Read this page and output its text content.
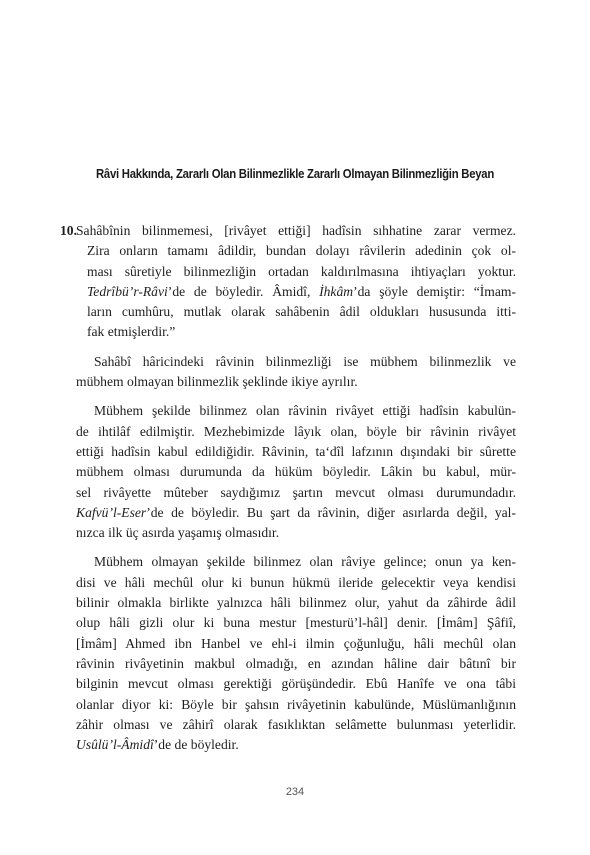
Râvi Hakkında, Zararlı Olan Bilinmezlikle Zararlı Olmayan Bilinmezliğin Beyan
10. Sahâbînin bilinmemesi, [rivâyet ettiği] hadîsin sıhhatine zarar vermez.
Zira onların tamamı âdildir, bundan dolayı râvilerin adedinin çok ol-
ması sûretiyle bilinmezliğin ortadan kaldırılmasına ihtiyaçları yoktur.
Tedrîbü’r-Râvi’de de böyledir. Âmidî, İhkâm’da şöyle demiştir: “İmam-
ların cumhûru, mutlak olarak sahâbenin âdil oldukları hususunda itti-
fak etmişlerdir.”
Sahâbî hâricindeki râvinin bilinmezliği ise mübhem bilinmezlik ve
mübhem olmayan bilinmezlik şeklinde ikiye ayrılır.
Mübhem şekilde bilinmez olan râvinin rivâyet ettiği hadîsin kabulün-
de ihtilâf edilmiştir. Mezhebimizde lâyık olan, böyle bir râvinin rivâyet
ettiği hadîsin kabul edildiğidir. Râvinin, ta‘dîl lafzının dışındaki bir sûrette
mübhem olması durumunda da hüküm böyledir. Lâkin bu kabul, mür-
sel rivâyette mûteber saydığımız şartın mevcut olması durumundadır.
Kafvü’l-Eser’de de böyledir. Bu şart da râvinin, diğer asırlarda değil, yal-
nızca ilk üç asırda yaşamış olmasıdır.
Mübhem olmayan şekilde bilinmez olan râviye gelince; onun ya ken-
disi ve hâli mechûl olur ki bunun hükmü ileride gelecektir veya kendisi
bilinir olmakla birlikte yalnızca hâli bilinmez olur, yahut da zâhirde âdil
olup hâli gizli olur ki buna mestur [mesturü’l-hâl] denir. [İmâm] Şâfiî,
[İmâm] Ahmed ibn Hanbel ve ehl-i ilmin çoğunluğu, hâli mechûl olan
râvinin rivâyetinin makbul olmadığı, en azından hâline dair bâtınî bir
bilginin mevcut olması gerektiği görüşündedir. Ebû Hanîfe ve ona tâbi
olanlar diyor ki: Böyle bir şahsın rivâyetinin kabulünde, Müslümanlığının
zâhir olması ve zâhirî olarak fasıklıktan selâmette bulunması yeterlidir.
Usûlü’l-Âmidî’de de böyledir.
234
